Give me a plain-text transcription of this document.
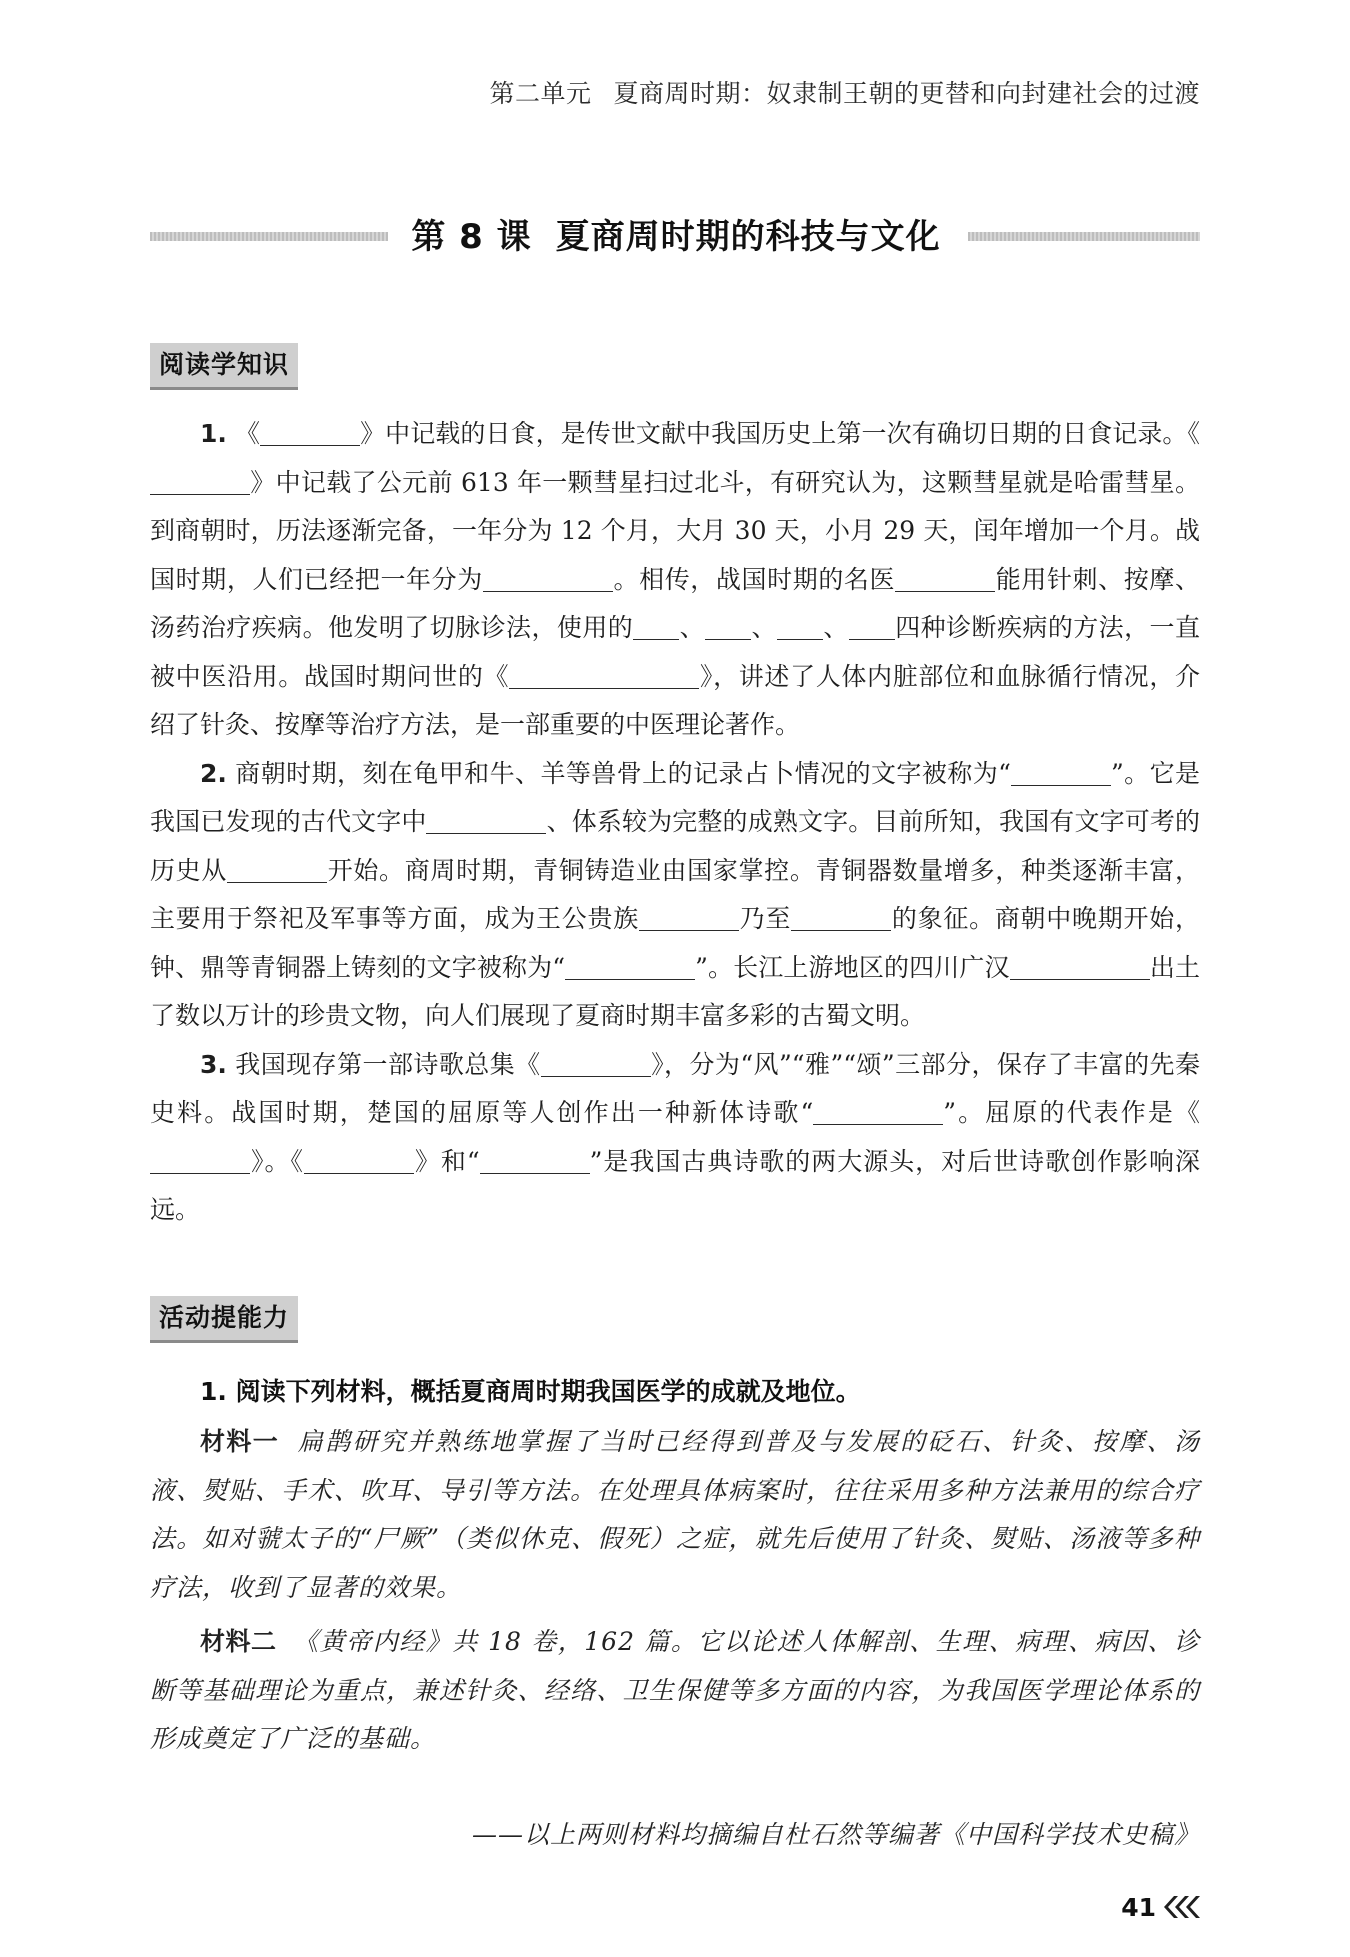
第二单元 夏商周时期：奴隶制王朝的更替和向封建社会的过渡
第 8 课 夏商周时期的科技与文化
阅读学知识

1. 《	》中记载的日食，是传世文献中我国历史上第一次有确切日期的日食记录。《》中记载了公元前 613 年一颗彗星扫过北斗，有研究认为，这颗彗星就是哈雷彗星。到商朝时，历法逐渐完备，一年分为 12 个月，大月 30 天，小月 29 天，闰年增加一个月。战国时期，人们已经把一年分为	。相传，战国时期的名医	能用针刺、按摩、汤药治疗疾病。他发明了切脉诊法，使用的 、 、 、 四种诊断疾病的方法，一直被中医沿用。战国时期问世的《	》，讲述了人体内脏部位和血脉循行情况，介绍了针灸、按摩等治疗方法，是一部重要的中医理论著作。

2. 商朝时期，刻在龟甲和牛、羊等兽骨上的记录占卜情况的文字被称为“	”。它是我国已发现的古代文字中	、体系较为完整的成熟文字。目前所知，我国有文字可考的历史从	开始。商周时期，青铜铸造业由国家掌控。青铜器数量增多，种类逐渐丰富，主要用于祭祀及军事等方面，成为王公贵族	乃至	的象征。商朝中晚期开始，钟、鼎等青铜器上铸刻的文字被称为“	”。长江上游地区的四川广汉	出土了数以万计的珍贵文物，向人们展现了夏商时期丰富多彩的古蜀文明。

3. 我国现存第一部诗歌总集《	》，分为“风”“雅”“颂”三部分，保存了丰富的先秦史料。战国时期，楚国的屈原等人创作出一种新体诗歌“	”。屈原的代表作是《》。《	》和“	”是我国古典诗歌的两大源头，对后世诗歌创作影响深远。

活动提能力
1. 阅读下列材料，概括夏商周时期我国医学的成就及地位。

材料一 扁鹊研究并熟练地掌握了当时已经得到普及与发展的砭石、针灸、按摩、汤液、熨贴、手术、吹耳、导引等方法。在处理具体病案时，往往采用多种方法兼用的综合疗法。如对虢太子的“尸厥”（类似休克、假死）之症，就先后使用了针灸、熨贴、汤液等多种疗法，收到了显著的效果。

材料二 《黄帝内经》共 18 卷，162 篇。它以论述人体解剖、生理、病理、病因、诊断等基础理论为重点，兼述针灸、经络、卫生保健等多方面的内容，为我国医学理论体系的形成奠定了广泛的基础。

——以上两则材料均摘编自杜石然等编著《中国科学技术史稿》
41
